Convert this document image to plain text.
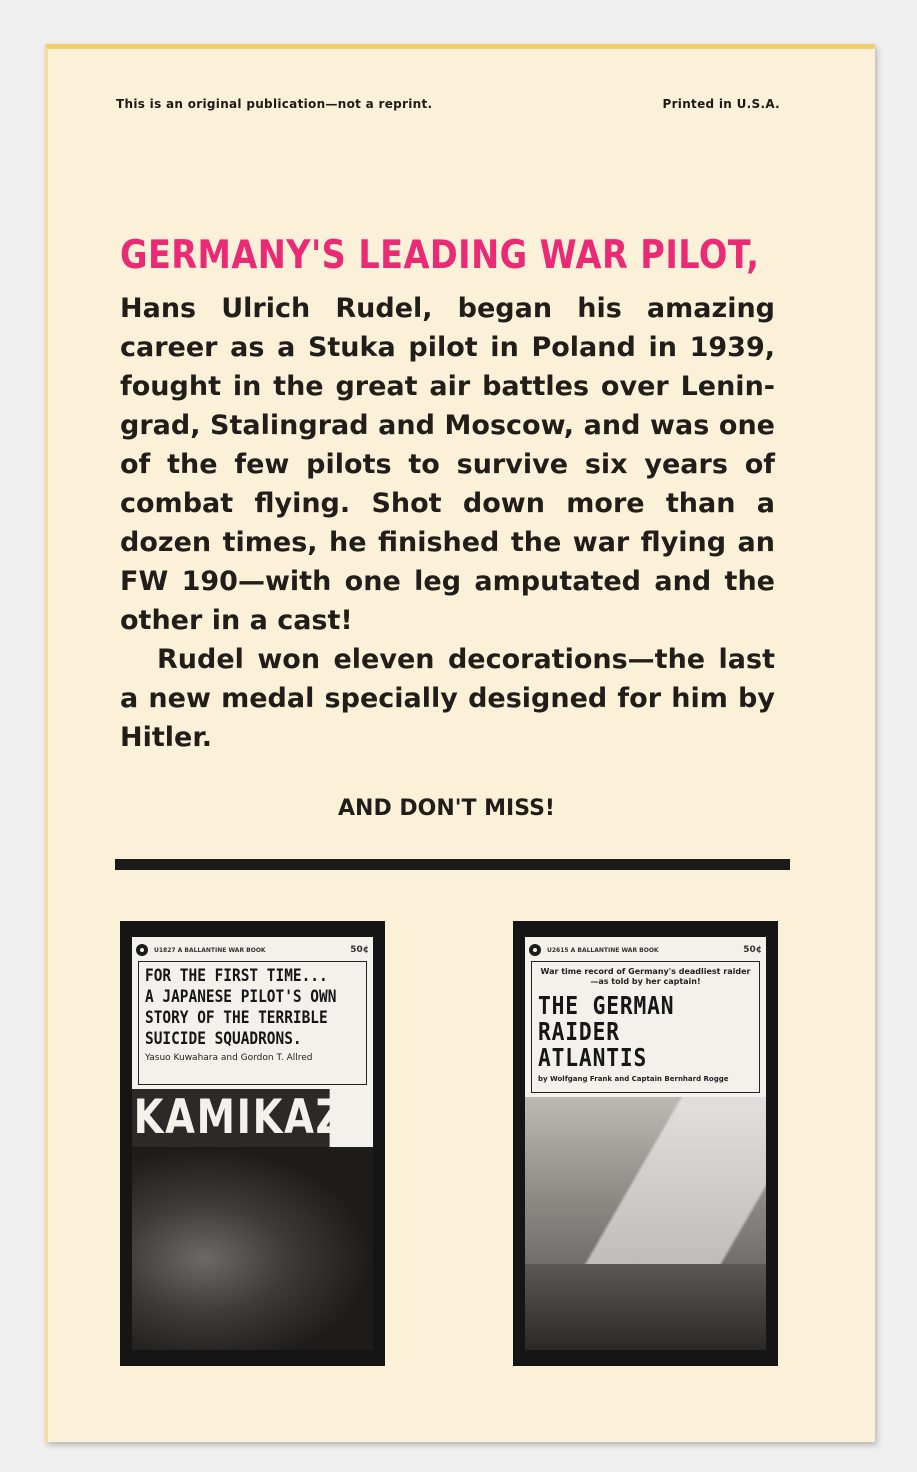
This is an original publication—not a reprint.	Printed in U.S.A.
GERMANY'S LEADING WAR PILOT,

Hans Ulrich Rudel, began his amazing career as a Stuka pilot in Poland in 1939, fought in the great air battles over Lenin-grad, Stalingrad and Moscow, and was one of the few pilots to survive six years of combat flying. Shot down more than a dozen times, he finished the war flying an FW 190—with one leg amputated and the other in a cast!

Rudel won eleven decorations—the last a new medal specially designed for him by Hitler.

AND DON'T MISS!
U1827 A BALLANTINE WAR BOOK	50¢

FOR THE FIRST TIME...

A JAPANESE PILOT'S OWN

STORY OF THE TERRIBLE

SUICIDE SQUADRONS.

Yasuo Kuwahara and Gordon T. Allred
KAMIKAZE
U2615 A BALLANTINE WAR BOOK	50¢
War time record of Germany's deadliest raider
—as told by her captain!
THE GERMAN
RAIDER
ATLANTIS
by Wolfgang Frank and Captain Bernhard Rogge
